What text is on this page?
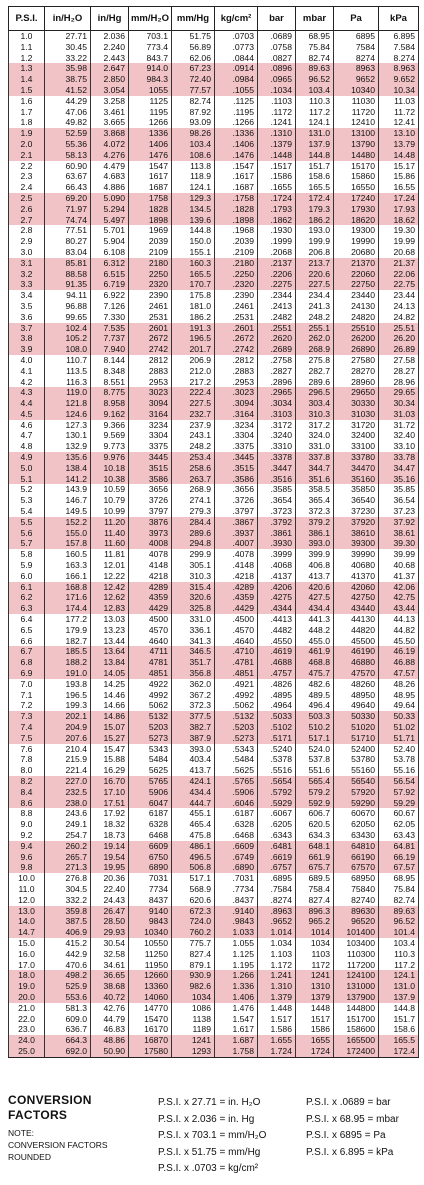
P.S.I.	in/H₂O	in/Hg	mm/H₂O	mm/Hg	kg/cm²	bar	mbar	Pa	kPa
1.0	27.71	2.036	703.1	51.75	.0703	.0689	68.95	6895	6.895
1.1	30.45	2.240	773.4	56.89	.0773	.0758	75.84	7584	7.584
1.2	33.22	2.443	843.7	62.06	.0844	.0827	82.74	8274	8.274
1.3	35.98	2.647	914.0	67.23	.0914	.0896	89.63	8963	8.963
1.4	38.75	2.850	984.3	72.40	.0984	.0965	96.52	9652	9.652
1.5	41.52	3.054	1055	77.57	.1055	.1034	103.4	10340	10.34
1.6	44.29	3.258	1125	82.74	.1125	.1103	110.3	11030	11.03
1.7	47.06	3.461	1195	87.92	.1195	.1172	117.2	11720	11.72
1.8	49.82	3.665	1266	93.09	.1266	.1241	124.1	12410	12.41
1.9	52.59	3.868	1336	98.26	.1336	.1310	131.0	13100	13.10
2.0	55.36	4.072	1406	103.4	.1406	.1379	137.9	13790	13.79
2.1	58.13	4.276	1476	108.6	.1476	.1448	144.8	14480	14.48
2.2	60.90	4.479	1547	113.8	.1547	.1517	151.7	15170	15.17
2.3	63.67	4.683	1617	118.9	.1617	.1586	158.6	15860	15.86
2.4	66.43	4.886	1687	124.1	.1687	.1655	165.5	16550	16.55
2.5	69.20	5.090	1758	129.3	.1758	.1724	172.4	17240	17.24
2.6	71.97	5.294	1828	134.5	.1828	.1793	179.3	17930	17.93
2.7	74.74	5.497	1898	139.6	.1898	.1862	186.2	18620	18.62
2.8	77.51	5.701	1969	144.8	.1968	.1930	193.0	19300	19.30
2.9	80.27	5.904	2039	150.0	.2039	.1999	199.9	19990	19.99
3.0	83.04	6.108	2109	155.1	.2109	.2068	206.8	20680	20.68
3.1	85.81	6.312	2180	160.3	.2180	.2137	213.7	21370	21.37
3.2	88.58	6.515	2250	165.5	.2250	.2206	220.6	22060	22.06
3.3	91.35	6.719	2320	170.7	.2320	.2275	227.5	22750	22.75
3.4	94.11	6.922	2390	175.8	.2390	.2344	234.4	23440	23.44
3.5	96.88	7.126	2461	181.0	.2461	.2413	241.3	24130	24.13
3.6	99.65	7.330	2531	186.2	.2531	.2482	248.2	24820	24.82
3.7	102.4	7.535	2601	191.3	.2601	.2551	255.1	25510	25.51
3.8	105.2	7.737	2672	196.5	.2672	.2620	262.0	26200	26.20
3.9	108.0	7.940	2742	201.7	.2742	.2689	268.9	26890	26.89
4.0	110.7	8.144	2812	206.9	.2812	.2758	275.8	27580	27.58
4.1	113.5	8.348	2883	212.0	.2883	.2827	282.7	28270	28.27
4.2	116.3	8.551	2953	217.2	.2953	.2896	289.6	28960	28.96
4.3	119.0	8.775	3023	222.4	.3023	.2965	296.5	29650	29.65
4.4	121.8	8.958	3094	227.5	.3094	.3034	303.4	30330	30.34
4.5	124.6	9.162	3164	232.7	.3164	.3103	310.3	31030	31.03
4.6	127.3	9.366	3234	237.9	.3234	.3172	317.2	31720	31.72
4.7	130.1	9.569	3304	243.1	.3304	.3240	324.0	32400	32.40
4.8	132.9	9.773	3375	248.2	.3375	.3310	331.0	33100	33.10
4.9	135.6	9.976	3445	253.4	.3445	.3378	337.8	33780	33.78
5.0	138.4	10.18	3515	258.6	.3515	.3447	344.7	34470	34.47
5.1	141.2	10.38	3586	263.7	.3586	.3516	351.6	35160	35.16
5.2	143.9	10.59	3656	268.9	.3656	.3585	358.5	35850	35.85
5.3	146.7	10.79	3726	274.1	.3726	.3654	365.4	36540	36.54
5.4	149.5	10.99	3797	279.3	.3797	.3723	372.3	37230	37.23
5.5	152.2	11.20	3876	284.4	.3867	.3792	379.2	37920	37.92
5.6	155.0	11.40	3973	289.6	.3937	.3861	386.1	38610	38.61
5.7	157.8	11.60	4008	294.8	.4007	.3930	393.0	39300	39.30
5.8	160.5	11.81	4078	299.9	.4078	.3999	399.9	39990	39.99
5.9	163.3	12.01	4148	305.1	.4148	.4068	406.8	40680	40.68
6.0	166.1	12.22	4218	310.3	.4218	.4137	413.7	41370	41.37
6.1	168.8	12.42	4289	315.4	.4289	.4206	420.6	42060	42.06
6.2	171.6	12.62	4359	320.6	.4359	.4275	427.5	42750	42.75
6.3	174.4	12.83	4429	325.8	.4429	.4344	434.4	43440	43.44
6.4	177.2	13.03	4500	331.0	.4500	.4413	441.3	44130	44.13
6.5	179.9	13.23	4570	336.1	.4570	.4482	448.2	44820	44.82
6.6	182.7	13.44	4640	341.3	.4640	.4550	455.0	45500	45.50
6.7	185.5	13.64	4711	346.5	.4710	.4619	461.9	46190	46.19
6.8	188.2	13.84	4781	351.7	.4781	.4688	468.8	46880	46.88
6.9	191.0	14.05	4851	356.8	.4851	.4757	475.7	47570	47.57
7.0	193.8	14.25	4922	362.0	.4921	.4826	482.6	48260	48.26
7.1	196.5	14.46	4992	367.2	.4992	.4895	489.5	48950	48.95
7.2	199.3	14.66	5062	372.3	.5062	.4964	496.4	49640	49.64
7.3	202.1	14.86	5132	377.5	.5132	.5033	503.3	50330	50.33
7.4	204.9	15.07	5203	382.7	.5203	.5102	510.2	51020	51.02
7.5	207.6	15.27	5273	387.9	.5273	.5171	517.1	51710	51.71
7.6	210.4	15.47	5343	393.0	.5343	.5240	524.0	52400	52.40
7.8	215.9	15.88	5484	403.4	.5484	.5378	537.8	53780	53.78
8.0	221.4	16.29	5625	413.7	.5625	.5516	551.6	55160	55.16
8.2	227.0	16.70	5765	424.1	.5765	.5654	565.4	56540	56.54
8.4	232.5	17.10	5906	434.4	.5906	.5792	579.2	57920	57.92
8.6	238.0	17.51	6047	444.7	.6046	.5929	592.9	59290	59.29
8.8	243.6	17.92	6187	455.1	.6187	.6067	606.7	60670	60.67
9.0	249.1	18.32	6328	465.4	.6328	.6205	620.5	62050	62.05
9.2	254.7	18.73	6468	475.8	.6468	.6343	634.3	63430	63.43
9.4	260.2	19.14	6609	486.1	.6609	.6481	648.1	64810	64.81
9.6	265.7	19.54	6750	496.5	.6749	.6619	661.9	66190	66.19
9.8	271.3	19.95	6890	506.8	.6890	.6757	675.7	67570	67.57
10.0	276.8	20.36	7031	517.1	.7031	.6895	689.5	68950	68.95
11.0	304.5	22.40	7734	568.9	.7734	.7584	758.4	75840	75.84
12.0	332.2	24.43	8437	620.6	.8437	.8274	827.4	82740	82.74
13.0	359.8	26.47	9140	672.3	.9140	.8963	896.3	89630	89.63
14.0	387.5	28.50	9843	724.0	.9843	.9652	965.2	96520	96.52
14.7	406.9	29.93	10340	760.2	1.033	1.014	1014	101400	101.4
15.0	415.2	30.54	10550	775.7	1.055	1.034	1034	103400	103.4
16.0	442.9	32.58	11250	827.4	1.125	1.103	1103	110300	110.3
17.0	470.6	34.61	11950	879.1	1.195	1.172	1172	117200	117.2
18.0	498.2	36.65	12660	930.9	1.266	1.241	1241	124100	124.1
19.0	525.9	38.68	13360	982.6	1.336	1.310	1310	131000	131.0
20.0	553.6	40.72	14060	1034	1.406	1.379	1379	137900	137.9
21.0	581.3	42.76	14770	1086	1.476	1.448	1448	144800	144.8
22.0	609.0	44.79	15470	1138	1.547	1.517	1517	151700	151.7
23.0	636.7	46.83	16170	1189	1.617	1.586	1586	158600	158.6
24.0	664.3	48.86	16870	1241	1.687	1.655	1655	165500	165.5
25.0	692.0	50.90	17580	1293	1.758	1.724	1724	172400	172.4
CONVERSION
FACTORS
NOTE:
CONVERSION FACTORS
ROUNDED
P.S.I. x 27.71 = in. H₂O
P.S.I. x 2.036 = in. Hg
P.S.I. x 703.1 = mm/H₂O
P.S.I. x 51.75 = mm/Hg
P.S.I. x .0703 = kg/cm²
P.S.I. x .0689 = bar
P.S.I. x 68.95 = mbar
P.S.I. x 6895 = Pa
P.S.I. x 6.895 = kPa
